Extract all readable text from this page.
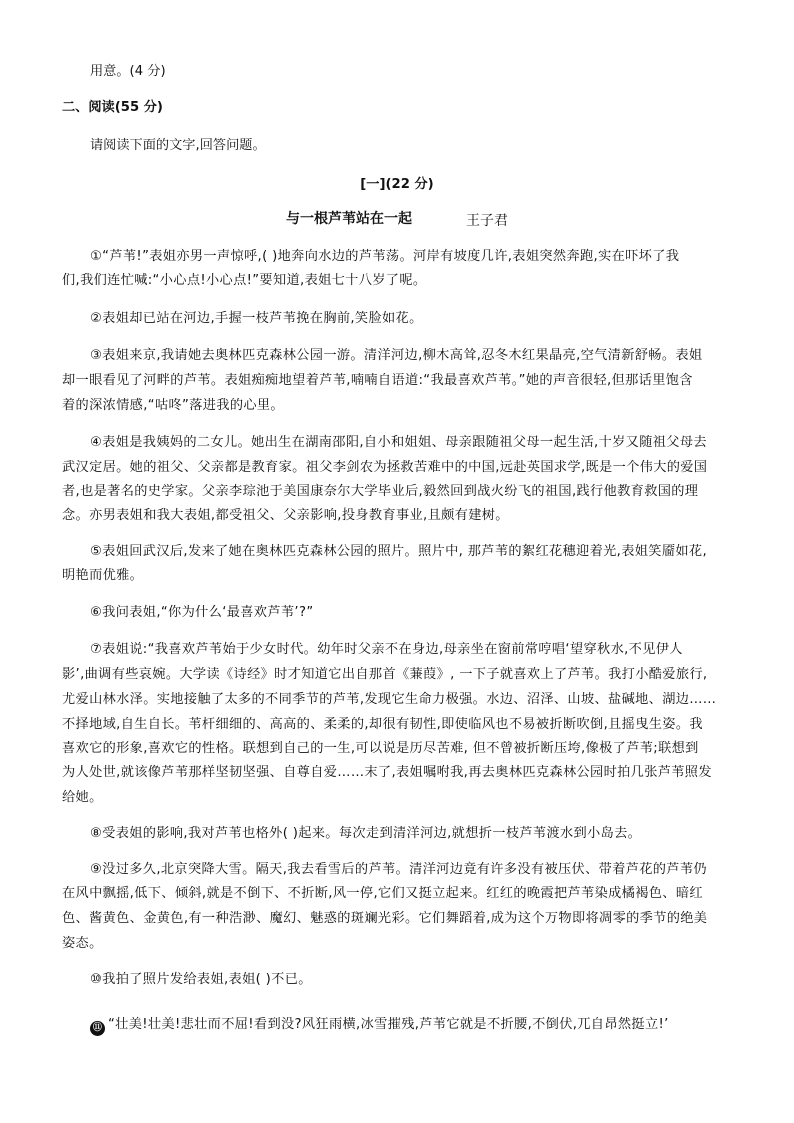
用意。(4 分)
二、阅读(55 分)
请阅读下面的文字,回答问题。
[一](22 分)
与一根芦苇站在一起	王子君
①“芦苇!”表姐亦男一声惊呼,( )地奔向水边的芦苇荡。河岸有坡度几许,表姐突然奔跑,实在吓坏了我
们,我们连忙喊:“小心点!小心点!”要知道,表姐七十八岁了呢。
②表姐却已站在河边,手握一枝芦苇挽在胸前,笑脸如花。
③表姐来京,我请她去奥林匹克森林公园一游。清洋河边,柳木高耸,忍冬木红果晶亮,空气清新舒畅。表姐
却一眼看见了河畔的芦苇。表姐痴痴地望着芦苇,喃喃自语道:“我最喜欢芦苇。”她的声音很轻,但那话里饱含
着的深浓情感,“咕咚”落进我的心里。
④表姐是我姨妈的二女儿。她出生在湖南邵阳,自小和姐姐、母亲跟随祖父母一起生活,十岁又随祖父母去
武汉定居。她的祖父、父亲都是教育家。祖父李剑农为拯救苦难中的中国,远赴英国求学,既是一个伟大的爱国
者,也是著名的史学家。父亲李琮池于美国康奈尔大学毕业后,毅然回到战火纷飞的祖国,践行他教育救国的理
念。亦男表姐和我大表姐,都受祖父、父亲影响,投身教育事业,且颇有建树。
⑤表姐回武汉后,发来了她在奥林匹克森林公园的照片。照片中, 那芦苇的絮红花穗迎着光,表姐笑靥如花,
明艳而优雅。
⑥我问表姐,“你为什么‘最喜欢芦苇’?”
⑦表姐说:“我喜欢芦苇始于少女时代。幼年时父亲不在身边,母亲坐在窗前常哼唱‘望穿秋水,不见伊人
影’,曲调有些哀婉。大学读《诗经》时才知道它出自那首《蒹葭》, 一下子就喜欢上了芦苇。我打小酷爱旅行,
尤爱山林水泽。实地接触了太多的不同季节的芦苇,发现它生命力极强。水边、沼泽、山坡、盐碱地、湖边……
不择地域,自生自长。苇杆细细的、高高的、柔柔的,却很有韧性,即使临风也不易被折断吹倒,且摇曳生姿。我
喜欢它的形象,喜欢它的性格。联想到自己的一生,可以说是历尽苦难, 但不曾被折断压垮,像极了芦苇;联想到
为人处世,就该像芦苇那样坚韧坚强、自尊自爱……末了,表姐嘱咐我,再去奥林匹克森林公园时拍几张芦苇照发
给她。
⑧受表姐的影响,我对芦苇也格外( )起来。每次走到清洋河边,就想折一枝芦苇渡水到小岛去。
⑨没过多久,北京突降大雪。隔天,我去看雪后的芦苇。清洋河边竟有许多没有被压伏、带着芦花的芦苇仍
在风中飘摇,低下、倾斜,就是不倒下、不折断,风一停,它们又挺立起来。红红的晚霞把芦苇染成橘褐色、暗红
色、酱黄色、金黄色,有一种浩渺、魔幻、魅惑的斑斓光彩。它们舞蹈着,成为这个万物即将凋零的季节的绝美
姿态。
⑩我拍了照片发给表姐,表姐( )不已。
⑪ “壮美!壮美!悲壮而不屈!看到没?风狂雨横,冰雪摧残,芦苇它就是不折腰,不倒伏,兀自昂然挺立!’
